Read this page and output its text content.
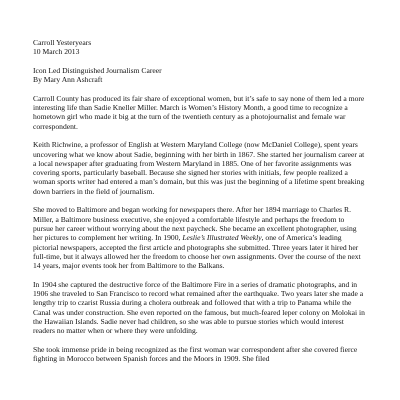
Carroll Yesteryears
10 March 2013
Icon Led Distinguished Journalism Career
By Mary Ann Ashcraft

Carroll County has produced its fair share of exceptional women, but it’s safe to say none of them led a more interesting life than Sadie Kneller Miller. March is Women’s History Month, a good time to recognize a hometown girl who made it big at the turn of the twentieth century as a photojournalist and female war correspondent.

Keith Richwine, a professor of English at Western Maryland College (now McDaniel College), spent years uncovering what we know about Sadie, beginning with her birth in 1867. She started her journalism career at a local newspaper after graduating from Western Maryland in 1885. One of her favorite assignments was covering sports, particularly baseball. Because she signed her stories with initials, few people realized a woman sports writer had entered a man’s domain, but this was just the beginning of a lifetime spent breaking down barriers in the field of journalism.

She moved to Baltimore and began working for newspapers there. After her 1894 marriage to Charles R. Miller, a Baltimore business executive, she enjoyed a comfortable lifestyle and perhaps the freedom to pursue her career without worrying about the next paycheck. She became an excellent photographer, using her pictures to complement her writing. In 1900, Leslie’s Illustrated Weekly, one of America’s leading pictorial newspapers, accepted the first article and photographs she submitted. Three years later it hired her full-time, but it always allowed her the freedom to choose her own assignments. Over the course of the next 14 years, major events took her from Baltimore to the Balkans.

In 1904 she captured the destructive force of the Baltimore Fire in a series of dramatic photographs, and in 1906 she traveled to San Francisco to record what remained after the earthquake. Two years later she made a lengthy trip to czarist Russia during a cholera outbreak and followed that with a trip to Panama while the Canal was under construction. She even reported on the famous, but much-feared leper colony on Molokai in the Hawaiian Islands. Sadie never had children, so she was able to pursue stories which would interest readers no matter when or where they were unfolding.

She took immense pride in being recognized as the first woman war correspondent after she covered fierce fighting in Morocco between Spanish forces and the Moors in 1909. She filed
